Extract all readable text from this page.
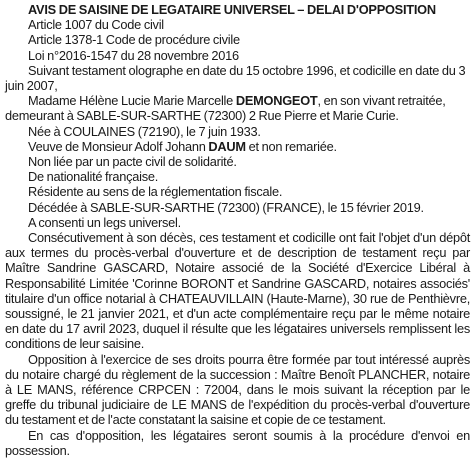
AVIS DE SAISINE DE LEGATAIRE UNIVERSEL – DELAI D'OPPOSITION

Article 1007 du Code civil

Article 1378-1 Code de procédure civile

Loi n°2016-1547 du 28 novembre 2016

Suivant testament olographe en date du 15 octobre 1996, et codicille en date du 3 juin 2007,

Madame Hélène Lucie Marie Marcelle DEMONGEOT, en son vivant retraitée, demeurant à SABLE-SUR-SARTHE (72300) 2 Rue Pierre et Marie Curie.

Née à COULAINES (72190), le 7 juin 1933.

Veuve de Monsieur Adolf Johann DAUM et non remariée.

Non liée par un pacte civil de solidarité.

De nationalité française.

Résidente au sens de la réglementation fiscale.

Décédée à SABLE-SUR-SARTHE (72300) (FRANCE), le 15 février 2019.

A consenti un legs universel.

Consécutivement à son décès, ces testament et codicille ont fait l'objet d'un dépôt aux termes du procès-verbal d'ouverture et de description de testament reçu par Maître Sandrine GASCARD, Notaire associé de la Société d'Exercice Libéral à Responsabilité Limitée 'Corinne BORONT et Sandrine GASCARD, notaires associés' titulaire d'un office notarial à CHATEAUVILLAIN (Haute-Marne), 30 rue de Penthièvre, soussigné, le 21 janvier 2021, et d'un acte complémentaire reçu par le même notaire en date du 17 avril 2023, duquel il résulte que les légataires universels remplissent les conditions de leur saisine.

Opposition à l'exercice de ses droits pourra être formée par tout intéressé auprès du notaire chargé du règlement de la succession : Maître Benoît PLANCHER, notaire à LE MANS, référence CRPCEN : 72004, dans le mois suivant la réception par le greffe du tribunal judiciaire de LE MANS de l'expédition du procès-verbal d'ouverture du testament et de l'acte constatant la saisine et copie de ce testament.

En cas d'opposition, les légataires seront soumis à la procédure d'envoi en possession.
